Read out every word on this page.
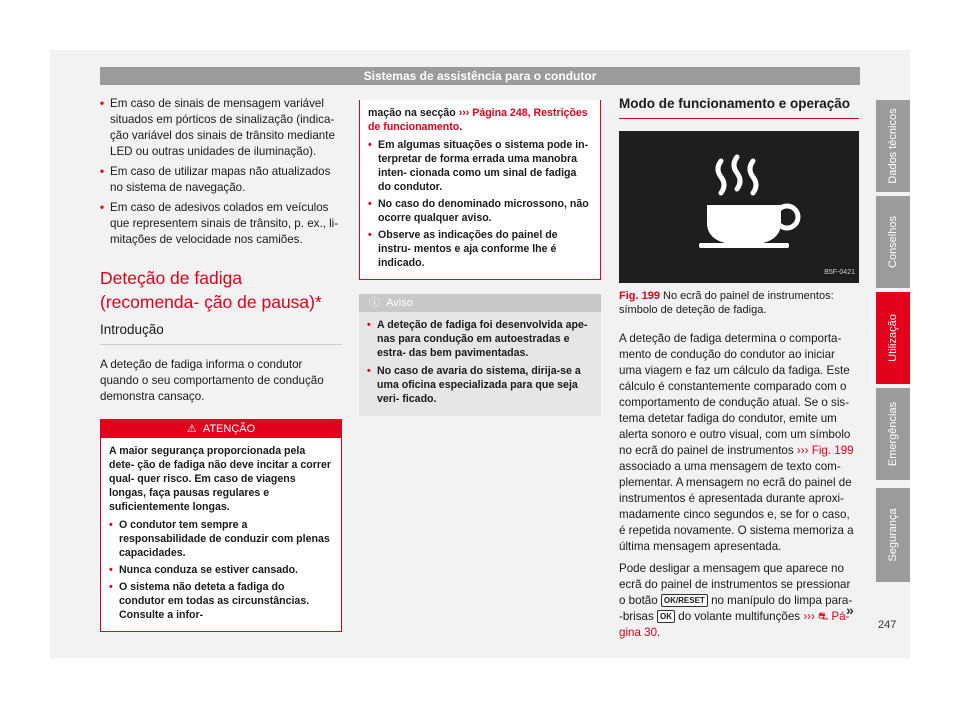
Sistemas de assistência para o condutor
• Em caso de sinais de mensagem variável situados em pórticos de sinalização (indica- ção variável dos sinais de trânsito mediante LED ou outras unidades de iluminação).
• Em caso de utilizar mapas não atualizados no sistema de navegação.
• Em caso de adesivos colados em veículos que representem sinais de trânsito, p. ex., li- mitações de velocidade nos camiões.
Deteção de fadiga (recomenda- ção de pausa)*
Introdução

A deteção de fadiga informa o condutor quando o seu comportamento de condução demonstra cansaço.

⚠ ATENÇÃO

A maior segurança proporcionada pela dete- ção de fadiga não deve incitar a correr qual- quer risco. Em caso de viagens longas, faça pausas regulares e suficientemente longas.

• O condutor tem sempre a responsabilidade de conduzir com plenas capacidades.
• Nunca conduza se estiver cansado.
• O sistema não deteta a fadiga do condutor em todas as circunstâncias. Consulte a infor-

mação na secção ››› Página 248, Restrições de funcionamento.

• Em algumas situações o sistema pode in- terpretar de forma errada uma manobra inten- cionada como um sinal de fadiga do condutor.
• No caso do denominado microssono, não ocorre qualquer aviso.
• Observe as indicações do painel de instru- mentos e aja conforme lhe é indicado.
ⓘ Aviso
• A deteção de fadiga foi desenvolvida ape- nas para condução em autoestradas e estra- das bem pavimentadas.
• No caso de avaria do sistema, dirija-se a uma oficina especializada para que seja veri- ficado.
Modo de funcionamento e operação
B5F-0421
Fig. 199 No ecrã do painel de instrumentos: símbolo de deteção de fadiga.

A deteção de fadiga determina o comporta- mento de condução do condutor ao iniciar uma viagem e faz um cálculo da fadiga. Este cálculo é constantemente comparado com o comportamento de condução atual. Se o sis- tema detetar fadiga do condutor, emite um alerta sonoro e outro visual, com um símbolo no ecrã do painel de instrumentos ››› Fig. 199 associado a uma mensagem de texto com- plementar. A mensagem no ecrã do painel de instrumentos é apresentada durante aproxi- madamente cinco segundos e, se for o caso, é repetida novamente. O sistema memoriza a última mensagem apresentada.

Pode desligar a mensagem que aparece no ecrã do painel de instrumentos se pressionar o botão OK/RESET no manípulo do limpa para- -brisas OK do volante multifunções ››› ⛐ Pá- gina 30.

Dados técnicos
Conselhos
Utilização
Emergências
Segurança
»
247
